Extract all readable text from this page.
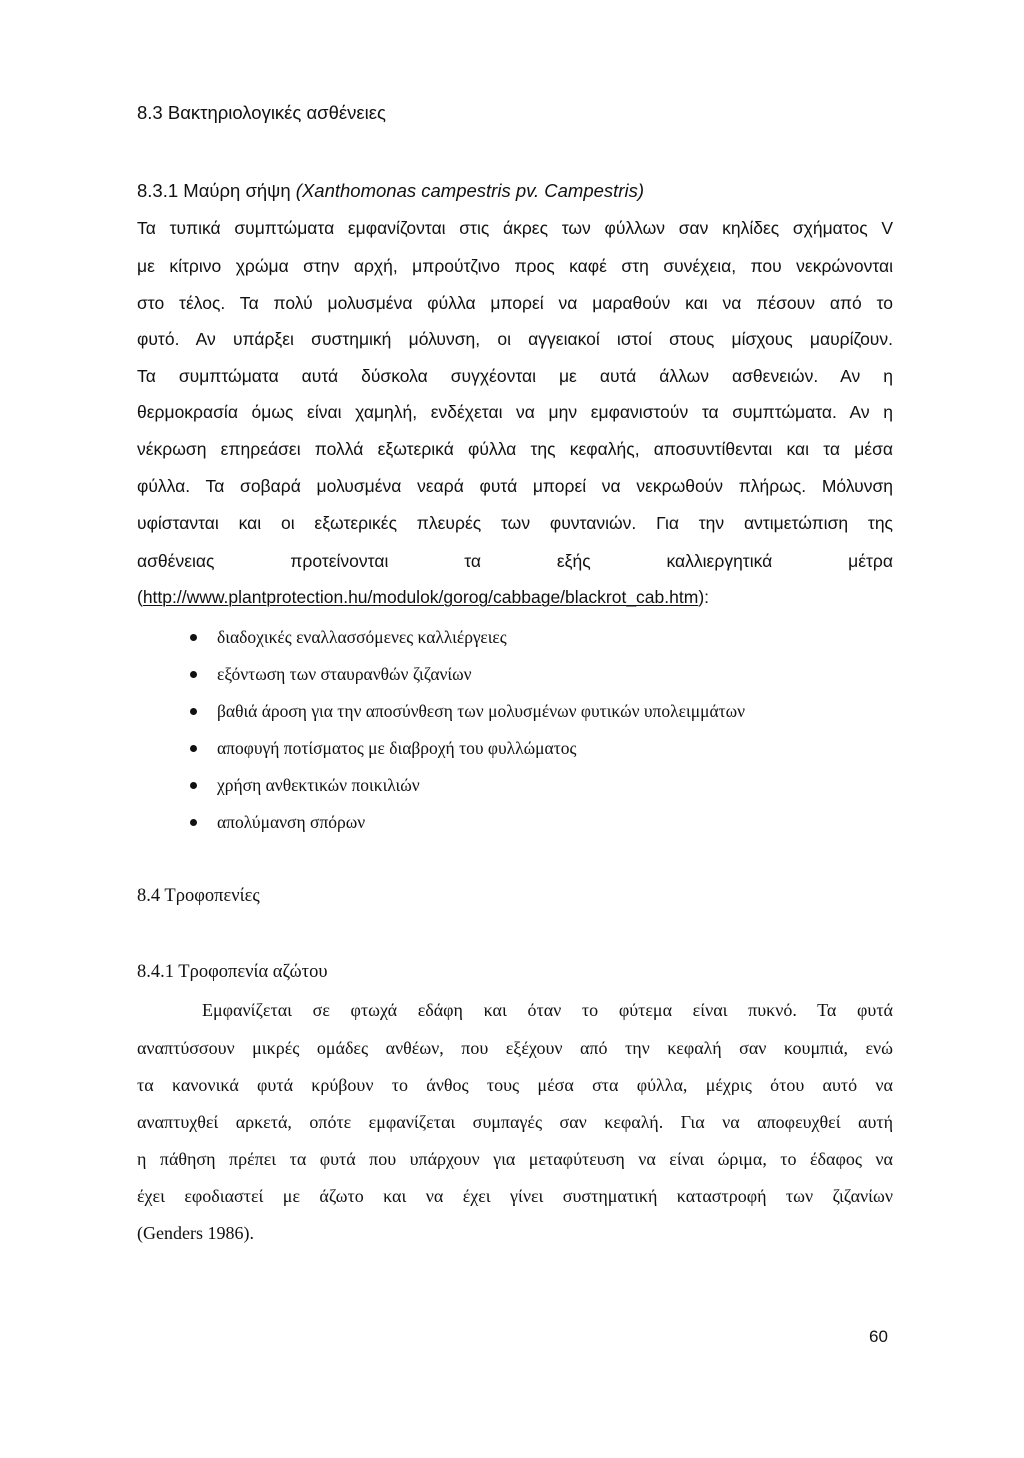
8.3 Βακτηριολογικές ασθένειες
8.3.1 Μαύρη σήψη (Xanthomonas campestris pv. Campestris)
Τα τυπικά συμπτώματα εμφανίζονται στις άκρες των φύλλων σαν κηλίδες σχήματος V
με κίτρινο χρώμα στην αρχή, μπρούτζινο προς καφέ στη συνέχεια, που νεκρώνονται
στο τέλος. Τα πολύ μολυσμένα φύλλα μπορεί να μαραθούν και να πέσουν από το
φυτό. Αν υπάρξει συστημική μόλυνση, οι αγγειακοί ιστοί στους μίσχους μαυρίζουν.
Τα συμπτώματα αυτά δύσκολα συγχέονται με αυτά άλλων ασθενειών. Αν η
θερμοκρασία όμως είναι χαμηλή, ενδέχεται να μην εμφανιστούν τα συμπτώματα. Αν η
νέκρωση επηρεάσει πολλά εξωτερικά φύλλα της κεφαλής, αποσυντίθενται και τα μέσα
φύλλα. Τα σοβαρά μολυσμένα νεαρά φυτά μπορεί να νεκρωθούν πλήρως. Μόλυνση
υφίστανται και οι εξωτερικές πλευρές των φυντανιών. Για την αντιμετώπιση της
ασθένειας προτείνονται τα εξής καλλιεργητικά μέτρα
(http://www.plantprotection.hu/modulok/gorog/cabbage/blackrot_cab.htm):
διαδοχικές εναλλασσόμενες καλλιέργειες
εξόντωση των σταυρανθών ζιζανίων
βαθιά άροση για την αποσύνθεση των μολυσμένων φυτικών υπολειμμάτων
αποφυγή ποτίσματος με διαβροχή του φυλλώματος
χρήση ανθεκτικών ποικιλιών
απολύμανση σπόρων
8.4 Τροφοπενίες
8.4.1 Τροφοπενία αζώτου
Εμφανίζεται σε φτωχά εδάφη και όταν το φύτεμα είναι πυκνό. Τα φυτά
αναπτύσσουν μικρές ομάδες ανθέων, που εξέχουν από την κεφαλή σαν κουμπιά, ενώ
τα κανονικά φυτά κρύβουν το άνθος τους μέσα στα φύλλα, μέχρις ότου αυτό να
αναπτυχθεί αρκετά, οπότε εμφανίζεται συμπαγές σαν κεφαλή. Για να αποφευχθεί αυτή
η πάθηση πρέπει τα φυτά που υπάρχουν για μεταφύτευση να είναι ώριμα, το έδαφος να
έχει εφοδιαστεί με άζωτο και να έχει γίνει συστηματική καταστροφή των ζιζανίων
(Genders 1986).
60
